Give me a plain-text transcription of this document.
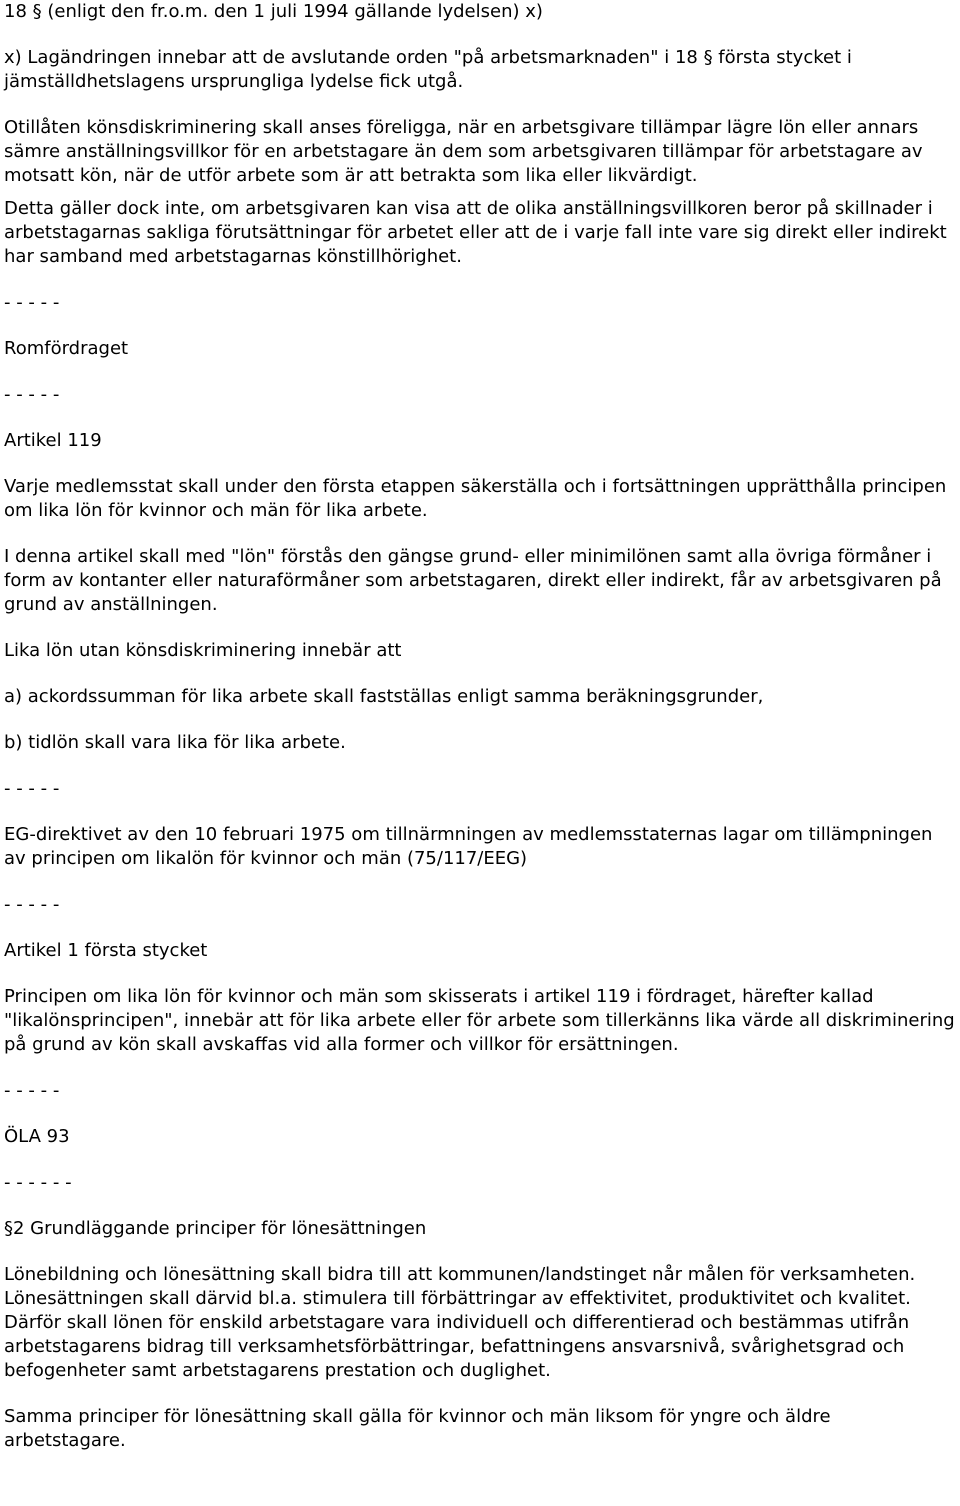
18 § (enligt den fr.o.m. den 1 juli 1994 gällande lydelsen) x)

x) Lagändringen innebar att de avslutande orden "på arbetsmarknaden" i 18 § första stycket i jämställdhetslagens ursprungliga lydelse fick utgå.

Otillåten könsdiskriminering skall anses föreligga, när en arbetsgivare tillämpar lägre lön eller annars sämre anställningsvillkor för en arbetstagare än dem som arbetsgivaren tillämpar för arbetstagare av motsatt kön, när de utför arbete som är att betrakta som lika eller likvärdigt.

Detta gäller dock inte, om arbetsgivaren kan visa att de olika anställningsvillkoren beror på skillnader i arbetstagarnas sakliga förutsättningar för arbetet eller att de i varje fall inte vare sig direkt eller indirekt har samband med arbetstagarnas könstillhörighet.

- - - - -

Romfördraget

- - - - -

Artikel 119

Varje medlemsstat skall under den första etappen säkerställa och i fortsättningen upprätthålla principen om lika lön för kvinnor och män för lika arbete.

I denna artikel skall med "lön" förstås den gängse grund- eller minimilönen samt alla övriga förmåner i form av kontanter eller naturaförmåner som arbetstagaren, direkt eller indirekt, får av arbetsgivaren på grund av anställningen.

Lika lön utan könsdiskriminering innebär att

a) ackordssumman för lika arbete skall fastställas enligt samma beräkningsgrunder,

b) tidlön skall vara lika för lika arbete.

- - - - -

EG-direktivet av den 10 februari 1975 om tillnärmningen av medlemsstaternas lagar om tillämpningen av principen om likalön för kvinnor och män (75/117/EEG)

- - - - -

Artikel 1 första stycket

Principen om lika lön för kvinnor och män som skisserats i artikel 119 i fördraget, härefter kallad "likalönsprincipen", innebär att för lika arbete eller för arbete som tillerkänns lika värde all diskriminering på grund av kön skall avskaffas vid alla former och villkor för ersättningen.

- - - - -

ÖLA 93

- - - - - -

§2 Grundläggande principer för lönesättningen

Lönebildning och lönesättning skall bidra till att kommunen/landstinget når målen för verksamheten. Lönesättningen skall därvid bl.a. stimulera till förbättringar av effektivitet, produktivitet och kvalitet. Därför skall lönen för enskild arbetstagare vara individuell och differentierad och bestämmas utifrån arbetstagarens bidrag till verksamhetsförbättringar, befattningens ansvarsnivå, svårighetsgrad och befogenheter samt arbetstagarens prestation och duglighet.

Samma principer för lönesättning skall gälla för kvinnor och män liksom för yngre och äldre arbetstagare.
